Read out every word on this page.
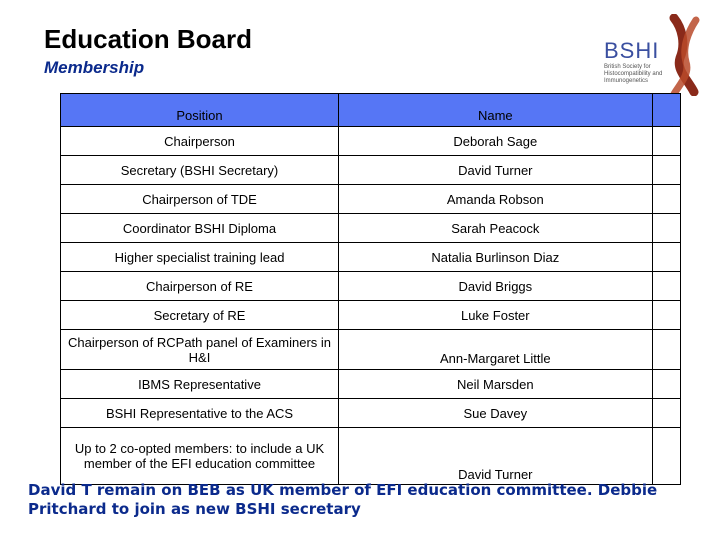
Education Board
Membership
BSHI
British Society for Histocompatibility and Immunogenetics
Position	Name	
Chairperson	Deborah Sage	
Secretary (BSHI Secretary)	David Turner	
Chairperson of TDE	Amanda Robson	
Coordinator BSHI Diploma	Sarah Peacock	
Higher specialist training lead	Natalia Burlinson Diaz	
Chairperson of RE	David Briggs	
Secretary of RE	Luke Foster	
Chairperson of RCPath panel of Examiners in H&I	Ann-Margaret Little	
IBMS Representative	Neil Marsden	
BSHI Representative to the ACS	Sue Davey	
Up to 2 co-opted members: to include a UK member of the EFI education committee	David Turner	
David T remain on BEB as UK member of EFI education committee. Debbie Pritchard to join as new BSHI secretary
